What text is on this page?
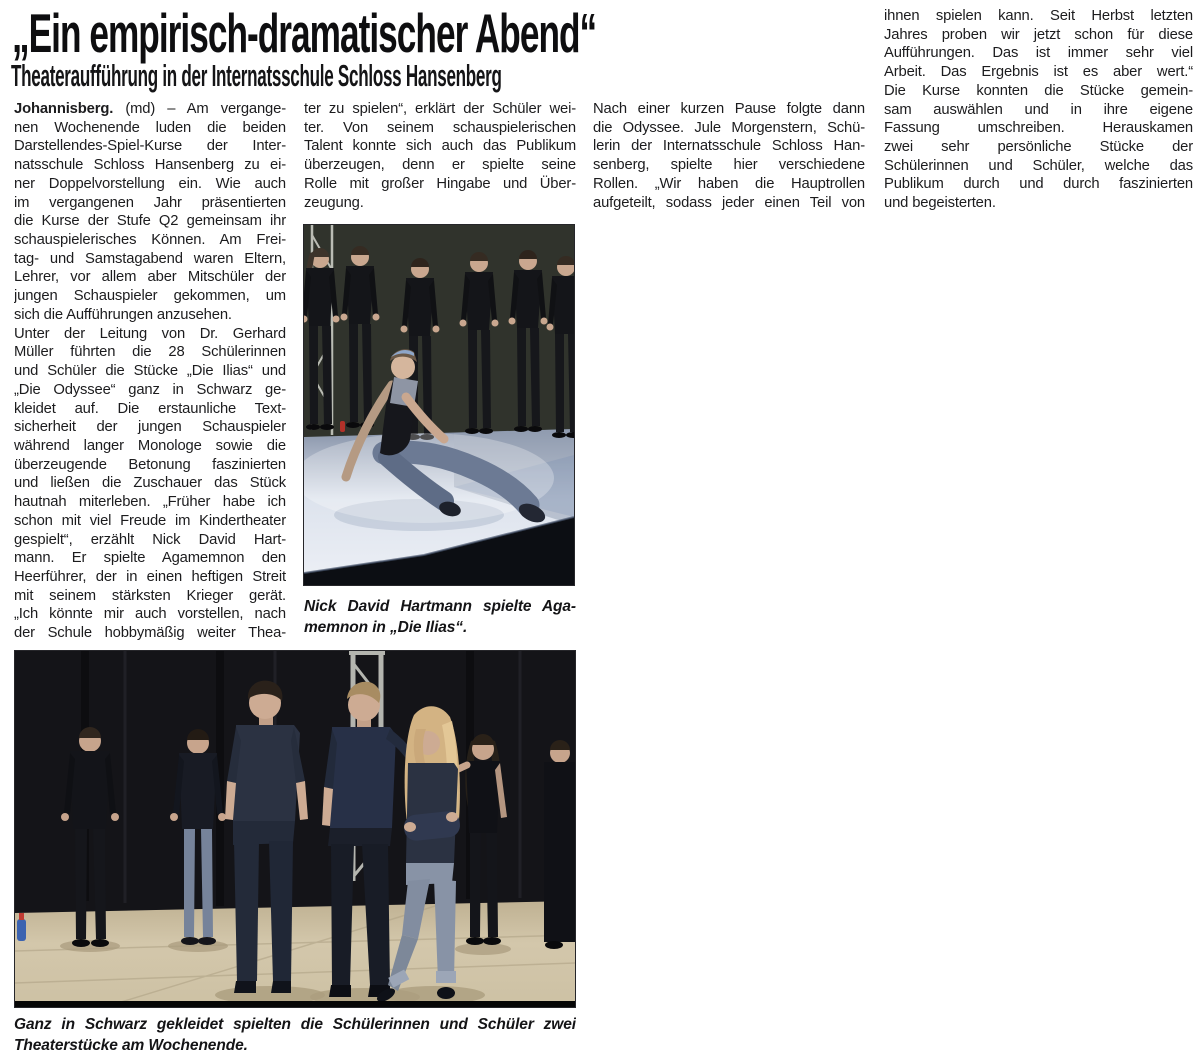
„Ein empirisch-dramatischer Abend“
Theateraufführung in der Internatsschule Schloss Hansenberg
Johannisberg. (md) – Am vergange-
nen Wochenende luden die beiden
Darstellendes-Spiel-Kurse der Inter-
natsschule Schloss Hansenberg zu ei-
ner Doppelvorstellung ein. Wie auch
im vergangenen Jahr präsentierten
die Kurse der Stufe Q2 gemeinsam ihr
schauspielerisches Können. Am Frei-
tag- und Samstagabend waren Eltern,
Lehrer, vor allem aber Mitschüler der
jungen Schauspieler gekommen, um
sich die Aufführungen anzusehen.
Unter der Leitung von Dr. Gerhard
Müller führten die 28 Schülerinnen
und Schüler die Stücke „Die Ilias“ und
„Die Odyssee“ ganz in Schwarz ge-
kleidet auf. Die erstaunliche Text-
sicherheit der jungen Schauspieler
während langer Monologe sowie die
überzeugende Betonung faszinierten
und ließen die Zuschauer das Stück
hautnah miterleben. „Früher habe ich
schon mit viel Freude im Kindertheater
gespielt“, erzählt Nick David Hart-
mann. Er spielte Agamemnon den
Heerführer, der in einen heftigen Streit
mit seinem stärksten Krieger gerät.
„Ich könnte mir auch vorstellen, nach
der Schule hobbymäßig weiter Thea-
ter zu spielen“, erklärt der Schüler wei-
ter. Von seinem schauspielerischen
Talent konnte sich auch das Publikum
überzeugen, denn er spielte seine
Rolle mit großer Hingabe und Über-
zeugung.
Nach einer kurzen Pause folgte dann
die Odyssee. Jule Morgenstern, Schü-
lerin der Internatsschule Schloss Han-
senberg, spielte hier verschiedene
Rollen. „Wir haben die Hauptrollen
aufgeteilt, sodass jeder einen Teil von
ihnen spielen kann. Seit Herbst letzten
Jahres proben wir jetzt schon für diese
Aufführungen. Das ist immer sehr viel
Arbeit. Das Ergebnis ist es aber wert.“
Die Kurse konnten die Stücke gemein-
sam auswählen und in ihre eigene
Fassung umschreiben. Herauskamen
zwei sehr persönliche Stücke der
Schülerinnen und Schüler, welche das
Publikum durch und durch faszinierten
und begeisterten.
Nick David Hartmann spielte Aga-
memnon in „Die Ilias“.
Ganz in Schwarz gekleidet spielten die Schülerinnen und Schüler zwei
Theaterstücke am Wochenende.
